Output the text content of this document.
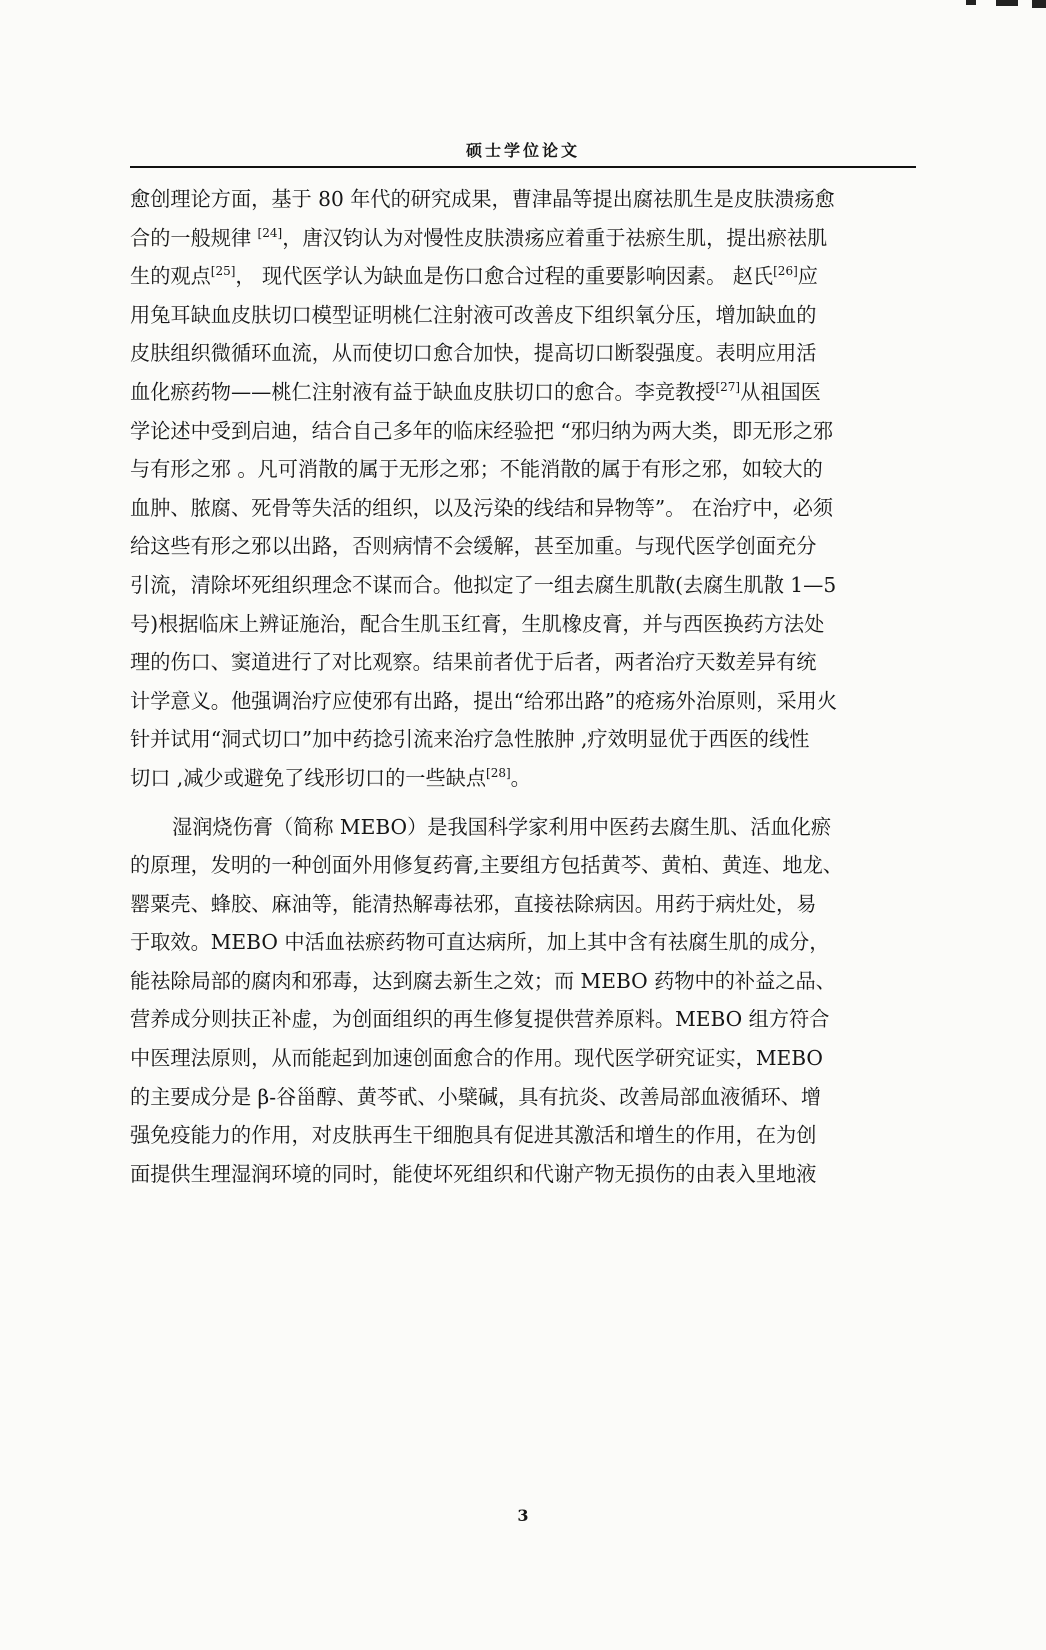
硕士学位论文

愈创理论方面，基于 80 年代的研究成果，曹津晶等提出腐祛肌生是皮肤溃疡愈
合的一般规律 [24]，唐汉钧认为对慢性皮肤溃疡应着重于祛瘀生肌，提出瘀祛肌
生的观点[25]， 现代医学认为缺血是伤口愈合过程的重要影响因素。 赵氏[26]应
用兔耳缺血皮肤切口模型证明桃仁注射液可改善皮下组织氧分压，增加缺血的
皮肤组织微循环血流，从而使切口愈合加快，提高切口断裂强度。表明应用活
血化瘀药物——桃仁注射液有益于缺血皮肤切口的愈合。李竞教授[27]从祖国医
学论述中受到启迪，结合自己多年的临床经验把 “邪归纳为两大类，即无形之邪
与有形之邪 。凡可消散的属于无形之邪；不能消散的属于有形之邪，如较大的
血肿、脓腐、死骨等失活的组织，以及污染的线结和异物等”。 在治疗中，必须
给这些有形之邪以出路，否则病情不会缓解，甚至加重。与现代医学创面充分
引流，清除坏死组织理念不谋而合。他拟定了一组去腐生肌散(去腐生肌散 1—5
号)根据临床上辨证施治，配合生肌玉红膏，生肌橡皮膏，并与西医换药方法处
理的伤口、窦道进行了对比观察。结果前者优于后者，两者治疗天数差异有统
计学意义。他强调治疗应使邪有出路，提出“给邪出路”的疮疡外治原则，采用火
针并试用“洞式切口”加中药捻引流来治疗急性脓肿 ,疗效明显优于西医的线性
切口 ,减少或避免了线形切口的一些缺点[28]。

湿润烧伤膏（简称 MEBO）是我国科学家利用中医药去腐生肌、活血化瘀
的原理，发明的一种创面外用修复药膏,主要组方包括黄芩、黄柏、黄连、地龙、
罂粟壳、蜂胶、麻油等，能清热解毒祛邪，直接祛除病因。用药于病灶处，易
于取效。MEBO 中活血祛瘀药物可直达病所，加上其中含有祛腐生肌的成分，
能祛除局部的腐肉和邪毒，达到腐去新生之效；而 MEBO 药物中的补益之品、
营养成分则扶正补虚，为创面组织的再生修复提供营养原料。MEBO 组方符合
中医理法原则，从而能起到加速创面愈合的作用。现代医学研究证实，MEBO
的主要成分是 β-谷甾醇、黄芩甙、小檗碱，具有抗炎、改善局部血液循环、增
强免疫能力的作用，对皮肤再生干细胞具有促进其激活和增生的作用，在为创
面提供生理湿润环境的同时，能使坏死组织和代谢产物无损伤的由表入里地液

3
